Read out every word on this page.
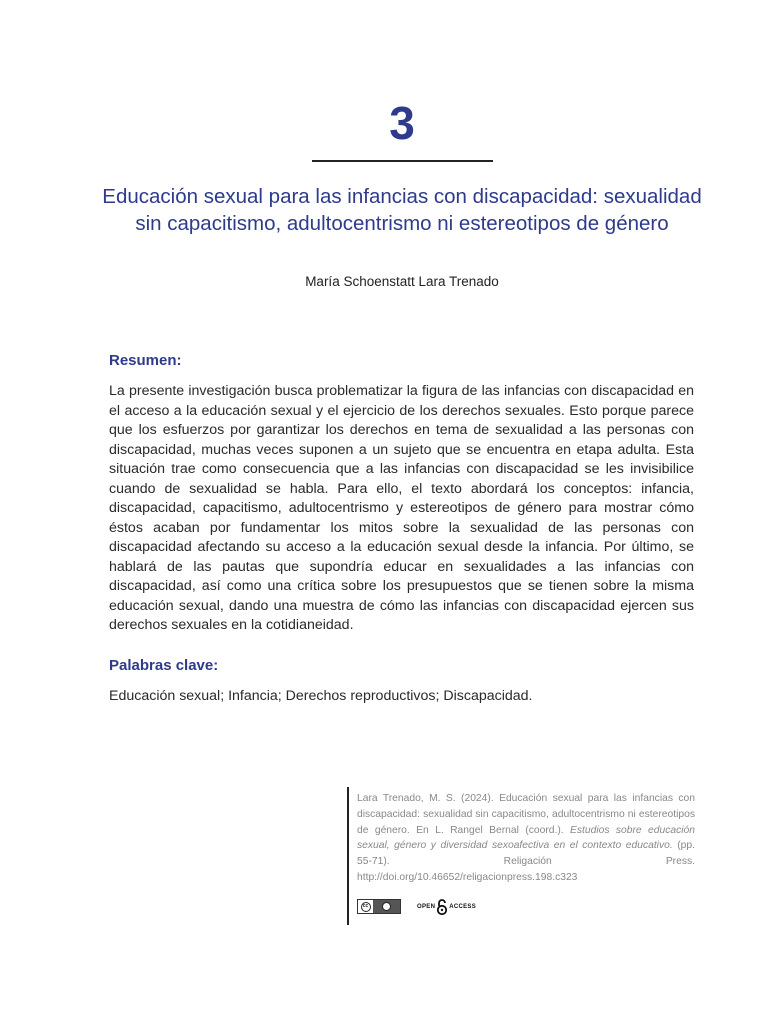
3
Educación sexual para las infancias con discapacidad: sexualidad sin capacitismo, adultocentrismo ni estereotipos de género
María Schoenstatt Lara Trenado
Resumen:

La presente investigación busca problematizar la figura de las infancias con discapacidad en el acceso a la educación sexual y el ejercicio de los derechos sexuales. Esto porque parece que los esfuerzos por garantizar los derechos en tema de sexualidad a las personas con discapacidad, muchas veces suponen a un sujeto que se encuentra en etapa adulta. Esta situación trae como consecuencia que a las infancias con discapacidad se les invisibilice cuando de sexualidad se habla. Para ello, el texto abordará los conceptos: infancia, discapacidad, capacitismo, adultocentrismo y estereotipos de género para mostrar cómo éstos acaban por fundamentar los mitos sobre la sexualidad de las personas con discapacidad afectando su acceso a la educación sexual desde la infancia. Por último, se hablará de las pautas que supondría educar en sexualidades a las infancias con discapacidad, así como una crítica sobre los presupuestos que se tienen sobre la misma educación sexual, dando una muestra de cómo las infancias con discapacidad ejercen sus derechos sexuales en la cotidianeidad.

Palabras clave:

Educación sexual; Infancia; Derechos reproductivos; Discapacidad.

Lara Trenado, M. S. (2024). Educación sexual para las infancias con discapacidad: sexualidad sin capacitismo, adultocentrismo ni estereotipos de género. En L. Rangel Bernal (coord.). Estudios sobre educación sexual, género y diversidad sexoafectiva en el contexto educativo. (pp. 55-71). Religación Press. http://doi.org/10.46652/religacionpress.198.c323

cc	OPEN ACCESS
